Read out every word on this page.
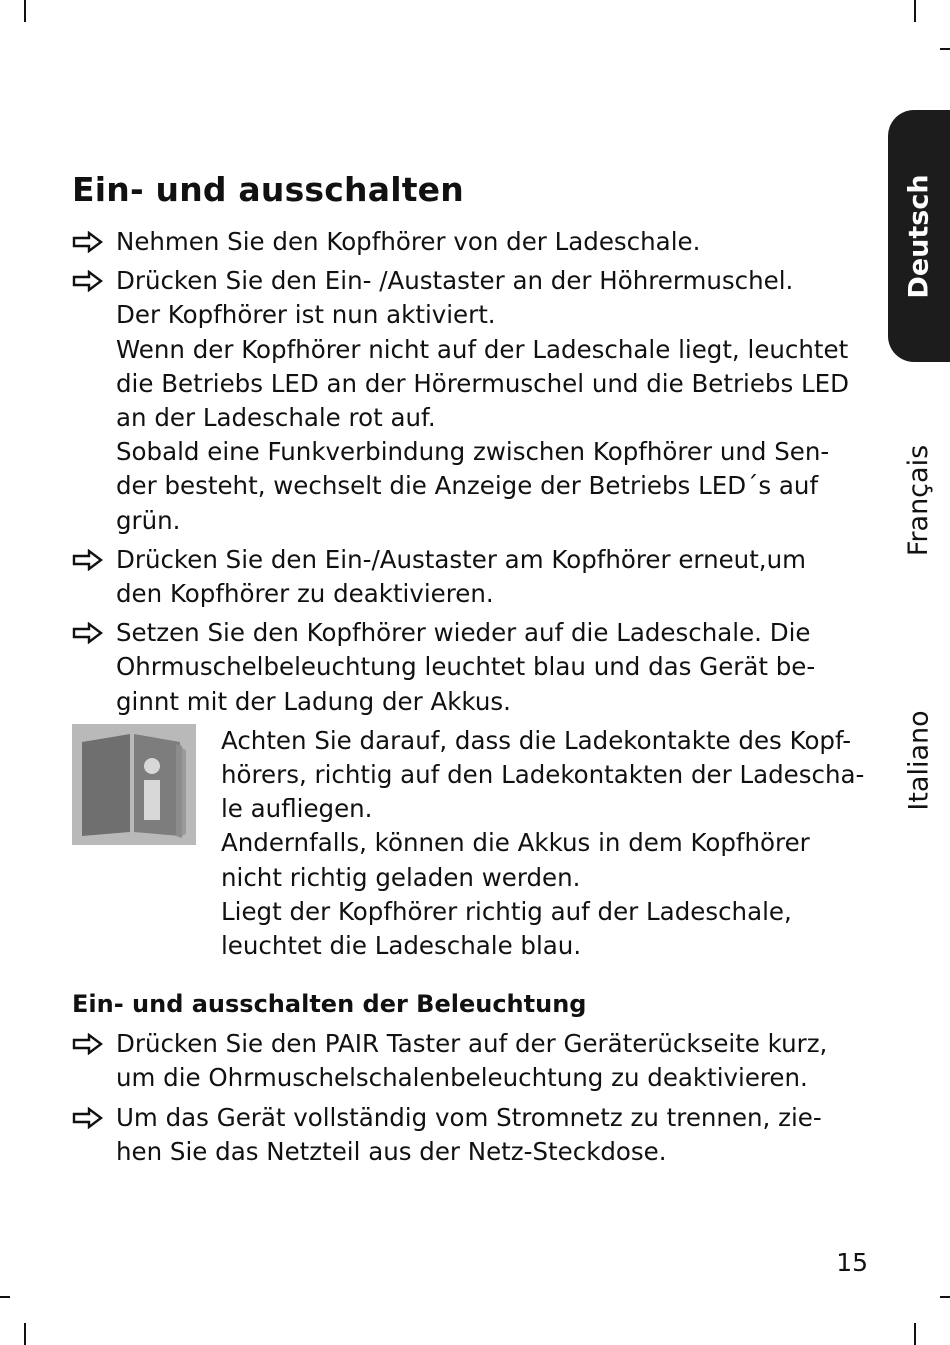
Ein- und ausschalten

Nehmen Sie den Kopfhörer von der Ladeschale.

Drücken Sie den Ein- /Austaster an der Höhrermuschel.
Der Kopfhörer ist nun aktiviert.
Wenn der Kopfhörer nicht auf der Ladeschale liegt, leuchtet
die Betriebs LED an der Hörermuschel und die Betriebs LED
an der Ladeschale rot auf.
Sobald eine Funkverbindung zwischen Kopfhörer und Sen-
der besteht, wechselt die Anzeige der Betriebs LED´s auf
grün.

Drücken Sie den Ein-/Austaster am Kopfhörer erneut,um
den Kopfhörer zu deaktivieren.

Setzen Sie den Kopfhörer wieder auf die Ladeschale. Die
Ohrmuschelbeleuchtung leuchtet blau und das Gerät be-
ginnt mit der Ladung der Akkus.

Achten Sie darauf, dass die Ladekontakte des Kopf-
hörers, richtig auf den Ladekontakten der Ladescha-
le aufliegen.
Andernfalls, können die Akkus in dem Kopfhörer
nicht richtig geladen werden.
Liegt der Kopfhörer richtig auf der Ladeschale,
leuchtet die Ladeschale blau.

Ein- und ausschalten der Beleuchtung

Drücken Sie den PAIR Taster auf der Geräterückseite kurz,
um die Ohrmuschelschalenbeleuchtung zu deaktivieren.

Um das Gerät vollständig vom Stromnetz zu trennen, zie-
hen Sie das Netzteil aus der Netz-Steckdose.

Deutsch
Français
Italiano
15
